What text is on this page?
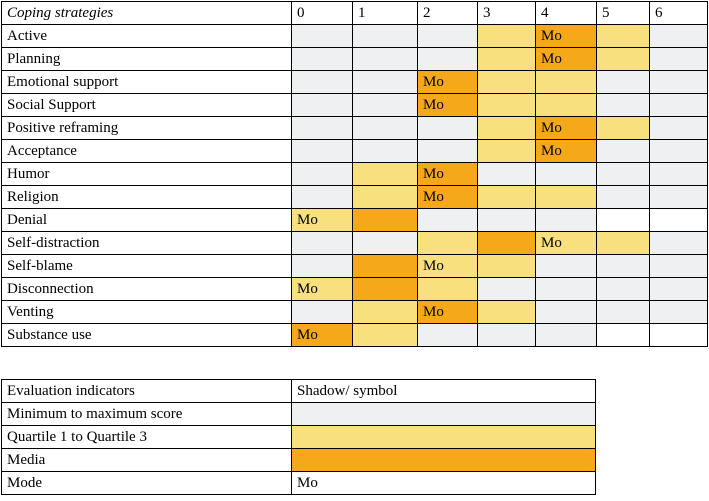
Coping strategies	0	1	2	3	4	5	6
Active					Mo		
Planning					Mo		
Emotional support			Mo				
Social Support			Mo				
Positive reframing					Mo		
Acceptance					Mo		
Humor			Mo				
Religion			Mo				
Denial	Mo						
Self-distraction					Mo		
Self-blame			Mo				
Disconnection	Mo						
Venting			Mo				
Substance use	Mo						
Evaluation indicators	Shadow/ symbol
Minimum to maximum score	
Quartile 1 to Quartile 3	
Media	
Mode	Mo
